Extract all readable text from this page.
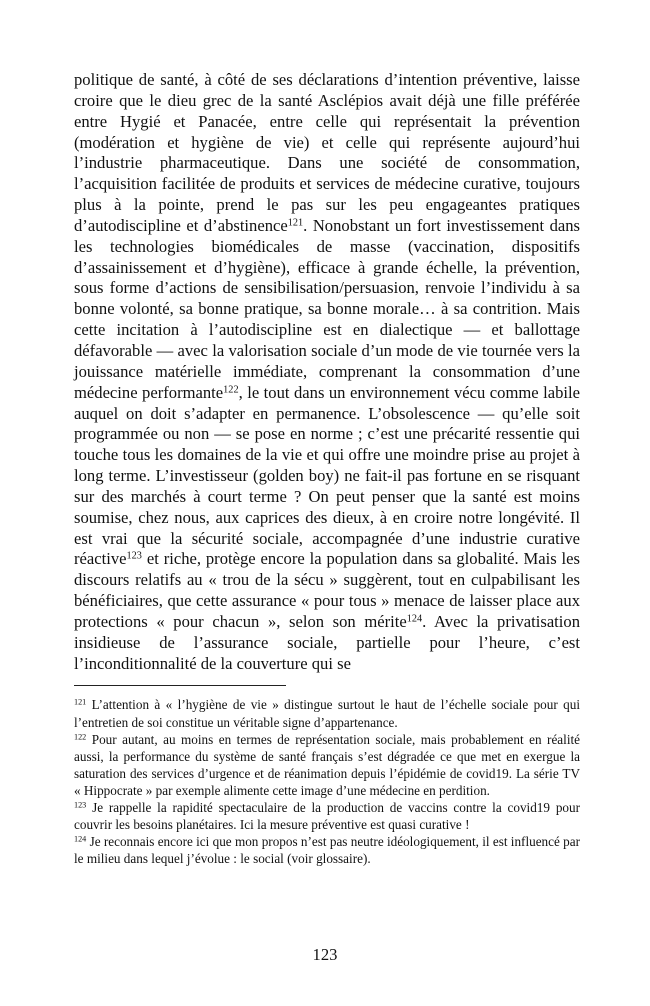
politique de santé, à côté de ses déclarations d’intention préventive, laisse croire que le dieu grec de la santé Asclépios avait déjà une fille préférée entre Hygié et Panacée, entre celle qui représentait la prévention (modération et hygiène de vie) et celle qui représente aujourd’hui l’industrie pharmaceutique. Dans une société de consommation, l’acquisition facilitée de produits et services de médecine curative, toujours plus à la pointe, prend le pas sur les peu engageantes pratiques d’autodiscipline et d’abstinence$^{121}$. Nonobstant un fort investissement dans les technologies biomédicales de masse (vaccination, dispositifs d’assainissement et d’hygiène), efficace à grande échelle, la prévention, sous forme d’actions de sensibilisation/persuasion, renvoie l’individu à sa bonne volonté, sa bonne pratique, sa bonne morale… à sa contrition. Mais cette incitation à l’autodiscipline est en dialectique — et ballottage défavorable — avec la valorisation sociale d’un mode de vie tournée vers la jouissance matérielle immédiate, comprenant la consommation d’une médecine performante$^{122}$, le tout dans un environnement vécu comme labile auquel on doit s’adapter en permanence. L’obsolescence — qu’elle soit programmée ou non — se pose en norme ; c’est une précarité ressentie qui touche tous les domaines de la vie et qui offre une moindre prise au projet à long terme. L’investisseur (golden boy) ne fait-il pas fortune en se risquant sur des marchés à court terme ? On peut penser que la santé est moins soumise, chez nous, aux caprices des dieux, à en croire notre longévité. Il est vrai que la sécurité sociale, accompagnée d’une industrie curative réactive$^{123}$ et riche, protège encore la population dans sa globalité. Mais les discours relatifs au « trou de la sécu » suggèrent, tout en culpabilisant les bénéficiaires, que cette assurance « pour tous » menace de laisser place aux protections « pour chacun », selon son mérite$^{124}$. Avec la privatisation insidieuse de l’assurance sociale, partielle pour l’heure, c’est l’inconditionnalité de la couverture qui se

$^{121}$ L’attention à « l’hygiène de vie » distingue surtout le haut de l’échelle sociale pour qui l’entretien de soi constitue un véritable signe d’appartenance.

$^{122}$ Pour autant, au moins en termes de représentation sociale, mais probablement en réalité aussi, la performance du système de santé français s’est dégradée ce que met en exergue la saturation des services d’urgence et de réanimation depuis l’épidémie de covid19. La série TV « Hippocrate » par exemple alimente cette image d’une médecine en perdition.

$^{123}$ Je rappelle la rapidité spectaculaire de la production de vaccins contre la covid19 pour couvrir les besoins planétaires. Ici la mesure préventive est quasi curative !

$^{124}$ Je reconnais encore ici que mon propos n’est pas neutre idéologiquement, il est influencé par le milieu dans lequel j’évolue : le social (voir glossaire).

123
